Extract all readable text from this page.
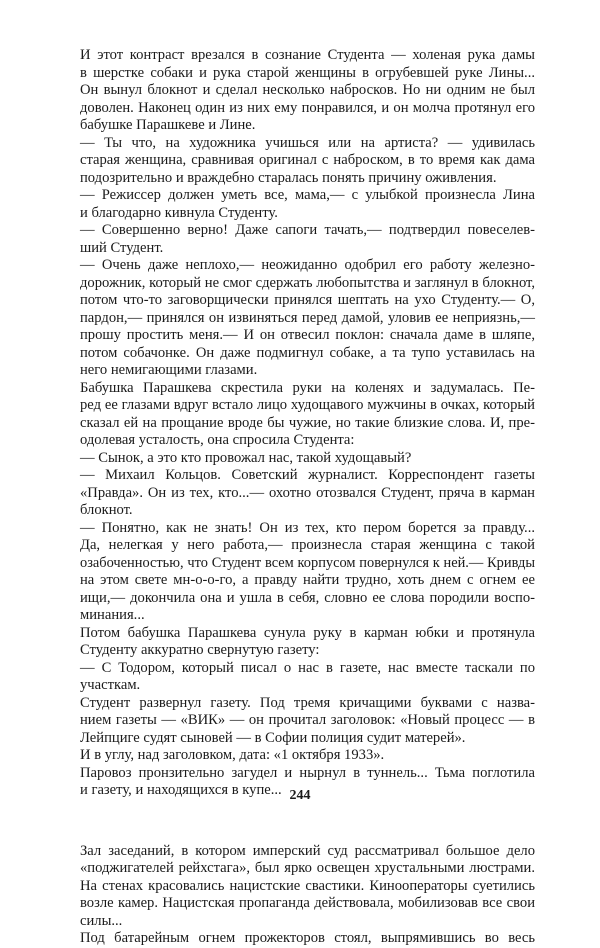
И этот контраст врезался в сознание Студента — холеная рука дамы
в шерстке собаки и рука старой женщины в огрубевшей руке Лины...
Он вынул блокнот и сделал несколько набросков. Но ни одним не был
доволен. Наконец один из них ему понравился, и он молча протянул его
бабушке Парашкеве и Лине.
— Ты что, на художника учишься или на артиста? — удивилась
старая женщина, сравнивая оригинал с наброском, в то время как дама
подозрительно и враждебно старалась понять причину оживления.
— Режиссер должен уметь все, мама,— с улыбкой произнесла Лина
и благодарно кивнула Студенту.
— Совершенно верно! Даже сапоги тачать,— подтвердил повеселев-
ший Студент.
— Очень даже неплохо,— неожиданно одобрил его работу железно-
дорожник, который не смог сдержать любопытства и заглянул в блокнот,
потом что-то заговорщически принялся шептать на ухо Студенту.— О,
пардон,— принялся он извиняться перед дамой, уловив ее неприязнь,—
прошу простить меня.— И он отвесил поклон: сначала даме в шляпе,
потом собачонке. Он даже подмигнул собаке, а та тупо уставилась на
него немигающими глазами.
Бабушка Парашкева скрестила руки на коленях и задумалась. Пе-
ред ее глазами вдруг встало лицо худощавого мужчины в очках, который
сказал ей на прощание вроде бы чужие, но такие близкие слова. И, пре-
одолевая усталость, она спросила Студента:
— Сынок, а это кто провожал нас, такой худощавый?
— Михаил Кольцов. Советский журналист. Корреспондент газеты
«Правда». Он из тех, кто...— охотно отозвался Студент, пряча в карман
блокнот.
— Понятно, как не знать! Он из тех, кто пером борется за правду...
Да, нелегкая у него работа,— произнесла старая женщина с такой
озабоченностью, что Студент всем корпусом повернулся к ней.— Кривды
на этом свете мн-о-о-го, а правду найти трудно, хоть днем с огнем ее
ищи,— докончила она и ушла в себя, словно ее слова породили воспо-
минания...
Потом бабушка Парашкева сунула руку в карман юбки и протянула
Студенту аккуратно свернутую газету:
— С Тодором, который писал о нас в газете, нас вместе таскали по
участкам.
Студент развернул газету. Под тремя кричащими буквами с назва-
нием газеты — «ВИК» — он прочитал заголовок: «Новый процесс — в
Лейпциге судят сыновей — в Софии полиция судит матерей».
И в углу, над заголовком, дата: «1 октября 1933».
Паровоз пронзительно загудел и нырнул в туннель... Тьма поглотила
и газету, и находящихся в купе...
Зал заседаний, в котором имперский суд рассматривал большое дело
«поджигателей рейхстага», был ярко освещен хрустальными люстрами.
На стенах красовались нацистские свастики. Кинооператоры суетились
возле камер. Нацистская пропаганда действовала, мобилизовав все свои
силы...
Под батарейным огнем прожекторов стоял, выпрямившись во весь
244
